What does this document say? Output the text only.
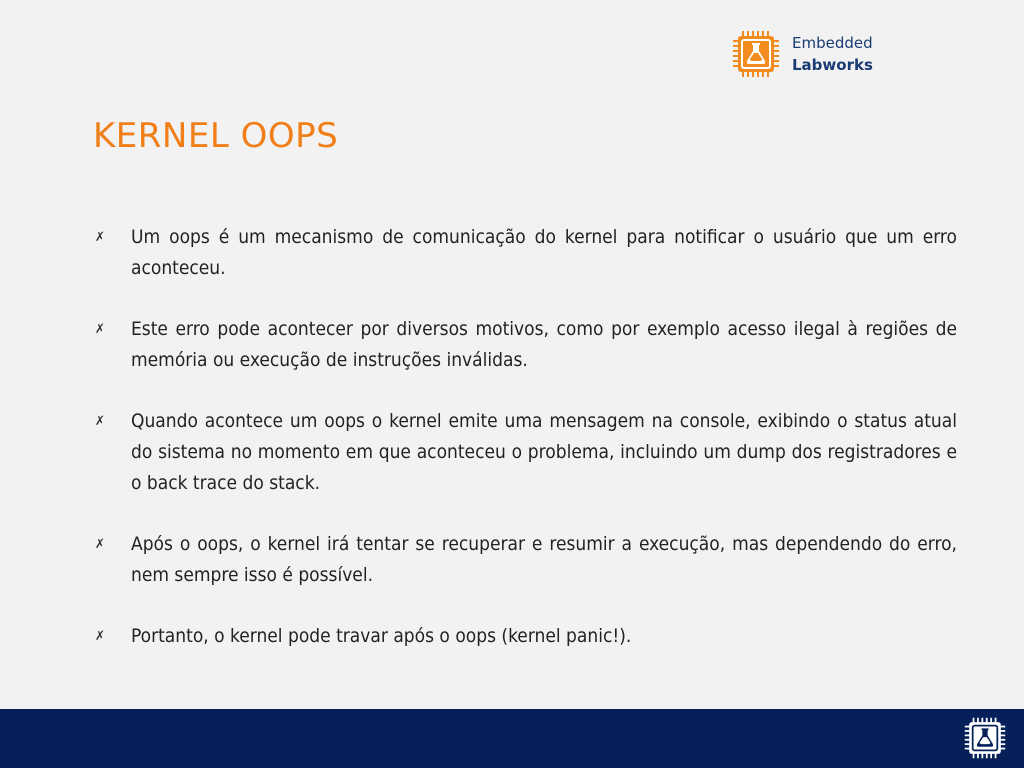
Embedded
Labworks
KERNEL OOPS
✗ Um oops é um mecanismo de comunicação do kernel para notificar o usuário que um erro aconteceu.
✗ Este erro pode acontecer por diversos motivos, como por exemplo acesso ilegal à regiões de memória ou execução de instruções inválidas.
✗ Quando acontece um oops o kernel emite uma mensagem na console, exibindo o status atual do sistema no momento em que aconteceu o problema, incluindo um dump dos registradores e o back trace do stack.
✗ Após o oops, o kernel irá tentar se recuperar e resumir a execução, mas dependendo do erro, nem sempre isso é possível.
✗ Portanto, o kernel pode travar após o oops (kernel panic!).
